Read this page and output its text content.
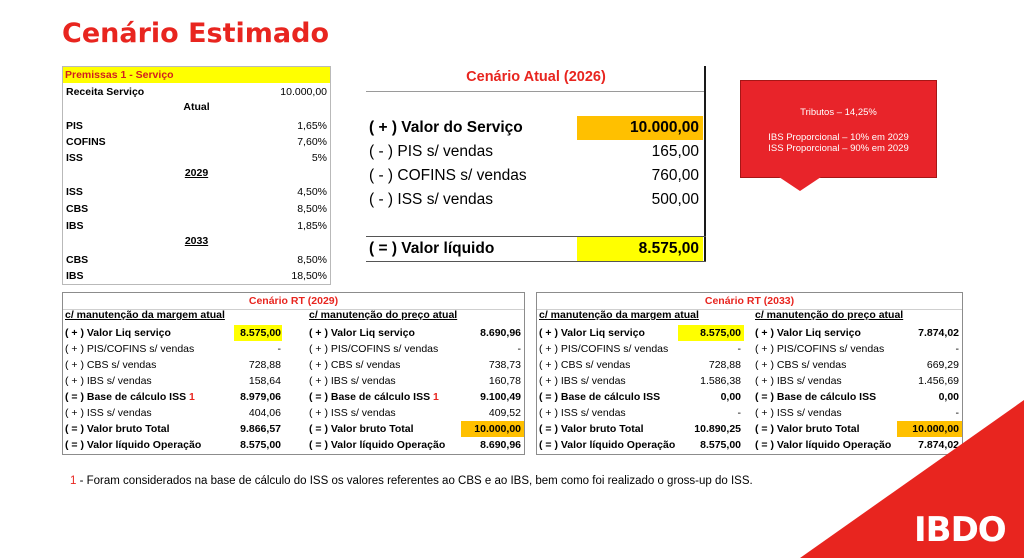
Cenário Estimado
Premissas 1 - Serviço
Receita Serviço	10.000,00
Atual
PIS	1,65%
COFINS	7,60%
ISS	5%
2029
ISS	4,50%
CBS	8,50%
IBS	1,85%
2033
CBS	8,50%
IBS	18,50%
Cenário Atual (2026)
( + ) Valor do Serviço	10.000,00
( - ) PIS s/ vendas	165,00
( - ) COFINS s/ vendas	760,00
( - ) ISS s/ vendas	500,00
( = ) Valor líquido	8.575,00
Tributos – 14,25%
IBS Proporcional – 10% em 2029
ISS Proporcional – 90% em 2029
Cenário RT (2029)
c/ manutenção da margem atual
( + ) Valor Liq serviço	8.575,00
( + ) PIS/COFINS s/ vendas	-
( + ) CBS s/ vendas	728,88
( + ) IBS s/ vendas	158,64
( = ) Base de cálculo ISS 1	8.979,06
( + ) ISS s/ vendas	404,06
( = ) Valor bruto Total	9.866,57
( = ) Valor líquido Operação	8.575,00
c/ manutenção do preço atual
( + ) Valor Liq serviço	8.690,96
( + ) PIS/COFINS s/ vendas	-
( + ) CBS s/ vendas	738,73
( + ) IBS s/ vendas	160,78
( = ) Base de cálculo ISS 1	9.100,49
( + ) ISS s/ vendas	409,52
( = ) Valor bruto Total	10.000,00
( = ) Valor líquido Operação	8.690,96
Cenário RT (2033)
c/ manutenção da margem atual
( + ) Valor Liq serviço	8.575,00
( + ) PIS/COFINS s/ vendas	-
( + ) CBS s/ vendas	728,88
( + ) IBS s/ vendas	1.586,38
( = ) Base de cálculo ISS	0,00
( + ) ISS s/ vendas	-
( = ) Valor bruto Total	10.890,25
( = ) Valor líquido Operação 8.575,00
c/ manutenção do preço atual
( + ) Valor Liq serviço	7.874,02
( + ) PIS/COFINS s/ vendas	-
( + ) CBS s/ vendas	669,29
( + ) IBS s/ vendas	1.456,69
( = ) Base de cálculo ISS	0,00
( + ) ISS s/ vendas	-
( = ) Valor bruto Total	10.000,00
( = ) Valor líquido Operação	7.874,02
1 - Foram considerados na base de cálculo do ISS os valores referentes ao CBS e ao IBS, bem como foi realizado o gross-up do ISS.
IBDO
